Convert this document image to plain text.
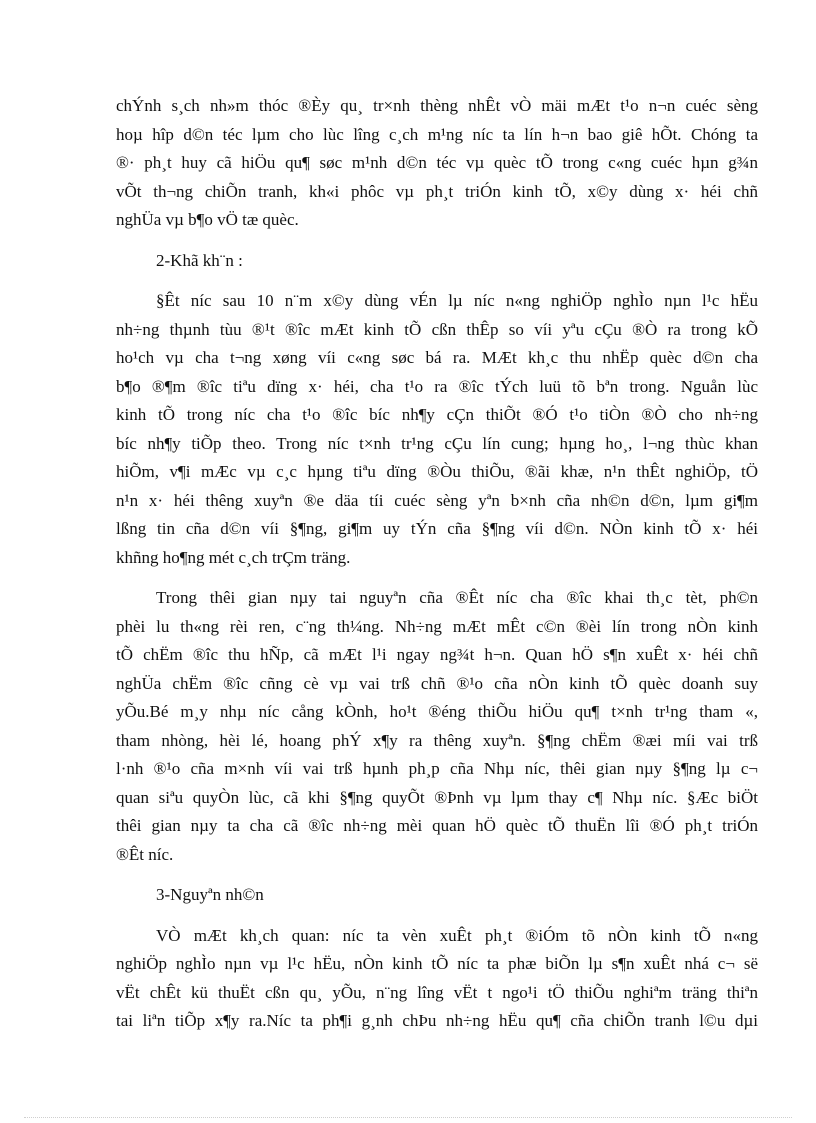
chÝnh s¸ch nh»m thóc ®Èy qu¸ tr×nh thèng nhÊt vÒ mäi mÆt t¹o n¬n cuéc sèng
hoµ hîp d©n téc lµm cho lùc lîng c¸ch m¹ng níc ta lín h¬n bao giê hÕt. Chóng ta
®· ph¸t huy cã hiÖu qu¶ søc m¹nh d©n téc vµ quèc tÕ trong c«ng cuéc hµn g¾n
vÕt th¬ng chiÕn tranh, kh«i phôc vµ ph¸t triÓn kinh tÕ, x©y dùng x· héi chñ
nghÜa vµ b¶o vÖ tæ quèc.
2-Khã kh¨n :
§Êt níc sau 10 n¨m x©y dùng vÉn lµ níc n«ng nghiÖp nghÌo nµn l¹c hËu
nh÷ng thµnh tùu ®¹t ®îc mÆt kinh tÕ cßn thÊp so víi yªu cÇu ®Ò ra trong kÕ
ho¹ch vµ cha t¬ng xøng víi c«ng søc bá ra. MÆt kh¸c thu nhËp quèc d©n cha
b¶o ®¶m ®îc tiªu dïng x· héi, cha t¹o ra ®îc tÝch luü tõ bªn trong. Nguån lùc
kinh tÕ trong níc cha t¹o ®îc bíc nh¶y cÇn thiÕt ®Ó t¹o tiÒn ®Ò cho nh÷ng
bíc nh¶y tiÕp theo. Trong níc t×nh tr¹ng cÇu lín cung; hµng ho¸, l¬ng thùc khan
hiÕm, v¶i mÆc vµ c¸c hµng tiªu dïng ®Òu thiÕu, ®ãi khæ, n¹n thÊt nghiÖp, tÖ
n¹n x· héi thêng xuyªn ®e däa tíi cuéc sèng yªn b×nh cña nh©n d©n, lµm gi¶m
lßng tin cña d©n víi §¶ng, gi¶m uy tÝn cña §¶ng víi d©n. NÒn kinh tÕ x· héi
khñng ho¶ng mét c¸ch trÇm träng.
Trong thêi gian nµy tai nguyªn cña ®Êt níc cha ®îc khai th¸c tèt, ph©n
phèi lu th«ng rèi ren, c¨ng th¼ng. Nh÷ng mÆt mÊt c©n ®èi lín trong nÒn kinh
tÕ chËm ®îc thu hÑp, cã mÆt l¹i ngay ng¾t h¬n. Quan hÖ s¶n xuÊt x· héi chñ
nghÜa chËm ®îc cñng cè vµ vai trß chñ ®¹o cña nÒn kinh tÕ quèc doanh suy
yÕu.Bé m¸y nhµ níc cång kÒnh, ho¹t ®éng thiÕu hiÖu qu¶ t×nh tr¹ng tham «,
tham nhòng, hèi lé, hoang phÝ x¶y ra thêng xuyªn. §¶ng chËm ®æi míi vai trß
l·nh ®¹o cña m×nh víi vai trß hµnh ph¸p cña Nhµ níc, thêi gian nµy §¶ng lµ c¬
quan siªu quyÒn lùc, cã khi §¶ng quyÕt ®Þnh vµ lµm thay c¶ Nhµ níc. §Æc biÖt
thêi gian nµy ta cha cã ®îc nh÷ng mèi quan hÖ quèc tÕ thuËn lîi ®Ó ph¸t triÓn
®Êt níc.
3-Nguyªn nh©n
VÒ mÆt kh¸ch quan: níc ta vèn xuÊt ph¸t ®iÓm tõ nÒn kinh tÕ n«ng
nghiÖp nghÌo nµn vµ l¹c hËu, nÒn kinh tÕ níc ta phæ biÕn lµ s¶n xuÊt nhá c¬ së
vËt chÊt kü thuËt cßn qu¸ yÕu, n¨ng lîng vËt t ngo¹i tÖ thiÕu nghiªm träng thiªn
tai liªn tiÕp x¶y ra.Níc ta ph¶i g¸nh chÞu nh÷ng hËu qu¶ cña chiÕn tranh l©u dµi
